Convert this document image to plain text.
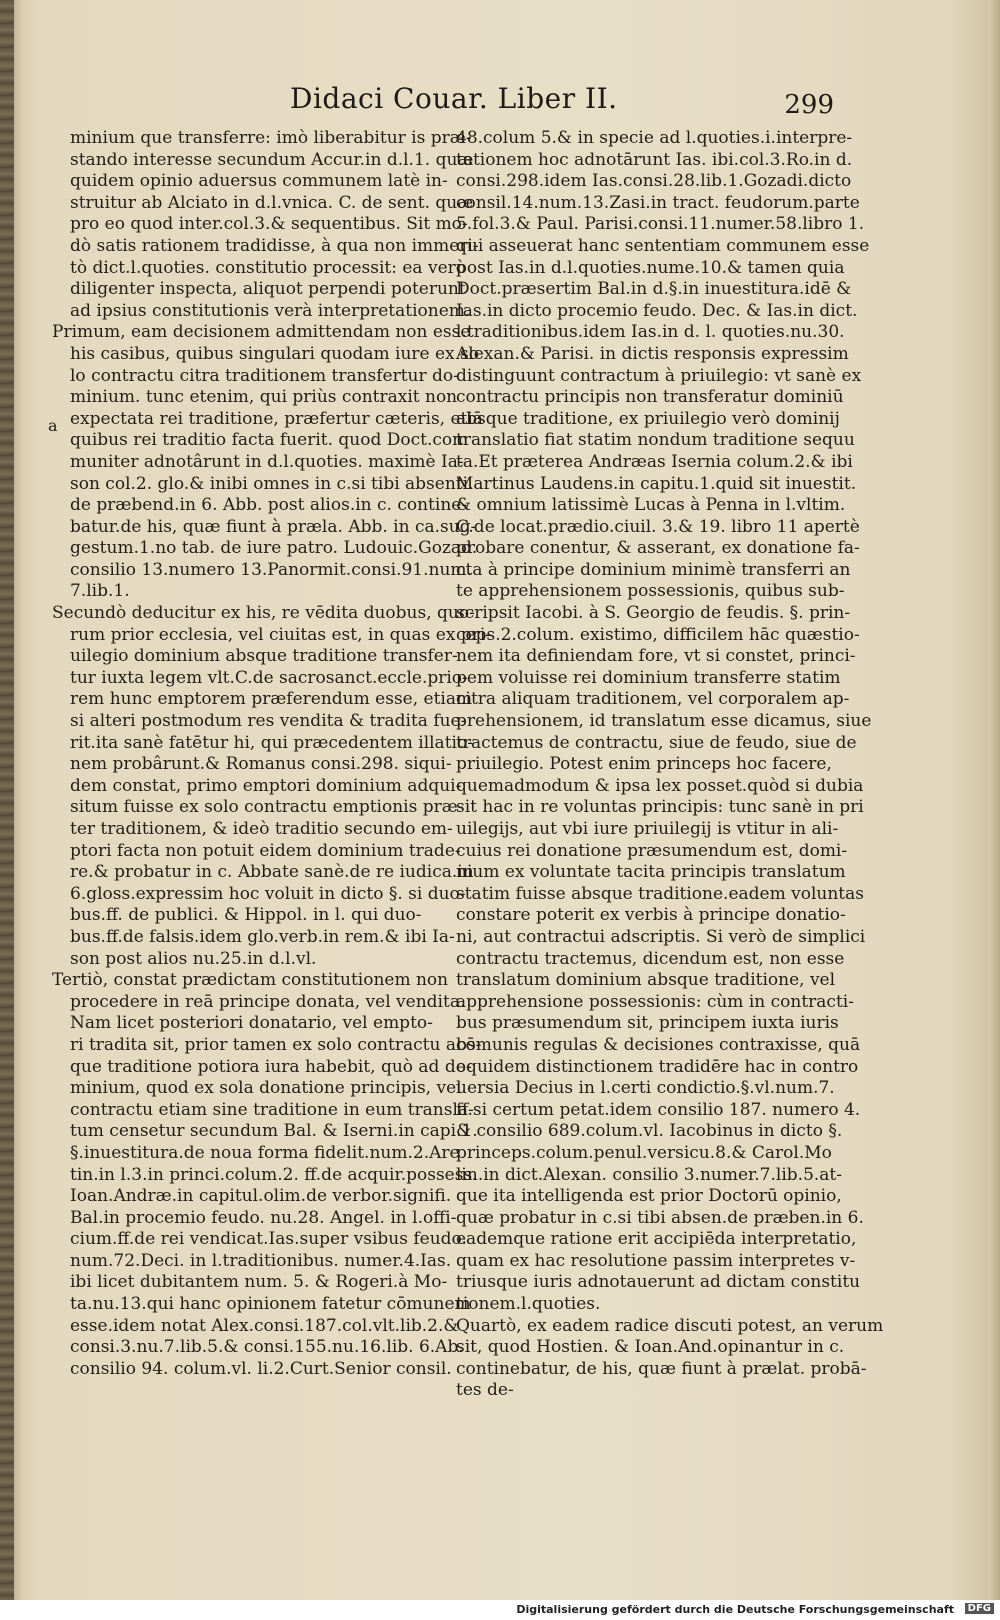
Didaci Couar. Liber II.	299
a
minium que transferre: imò liberabitur is præ-
stando interesse secundum Accur.in d.l.1. quæ
quidem opinio aduersus communem latè in-
struitur ab Alciato in d.l.vnica. C. de sent. quæ
pro eo quod inter.col.3.& sequentibus. Sit mo-
dò satis rationem tradidisse, à qua non immeri-
tò dict.l.quoties. constitutio processit: ea verò
diligenter inspecta, aliquot perpendi poterunt
ad ipsius constitutionis verà interpretationem.
Primum, eam decisionem admittendam non esse
his casibus, quibus singulari quodam iure ex so
lo contractu citra traditionem transfertur do-
minium. tunc etenim, qui priùs contraxit non
expectata rei traditione, præfertur cæteris, etiā
quibus rei traditio facta fuerit. quod Doct.com
muniter adnotârunt in d.l.quoties. maximè Ia-
son col.2. glo.& inibi omnes in c.si tibi absenti.
de præbend.in 6. Abb. post alios.in c. contine-
batur.de his, quæ fiunt à præla. Abb. in ca.sug-
gestum.1.no tab. de iure patro. Ludouic.Gozad.
consilio 13.numero 13.Panormit.consi.91.num.
7.lib.1.
Secundò deducitur ex his, re vēdita duobus, quo-
rum prior ecclesia, vel ciuitas est, in quas ex pri-
uilegio dominium absque traditione transfer-
tur iuxta legem vlt.C.de sacrosanct.eccle.prio-
rem hunc emptorem præferendum esse, etiam
si alteri postmodum res vendita & tradita fue-
rit.ita sanè fatētur hi, qui præcedentem illatio-
nem probârunt.& Romanus consi.298. siqui-
dem constat, primo emptori dominium adqui-
situm fuisse ex solo contractu emptionis præ-
ter traditionem, & ideò traditio secundo em-
ptori facta non potuit eidem dominium trade-
re.& probatur in c. Abbate sanè.de re iudica.in
6.gloss.expressim hoc voluit in dicto §. si duo-
bus.ff. de publici. & Hippol. in l. qui duo-
bus.ff.de falsis.idem glo.verb.in rem.& ibi Ia-
son post alios nu.25.in d.l.vl.
Tertiò, constat prædictam constitutionem non
procedere in reā principe donata, vel vendita.
Nam licet posteriori donatario, vel empto-
ri tradita sit, prior tamen ex solo contractu abs-
que traditione potiora iura habebit, quò ad do-
minium, quod ex sola donatione principis, vel
contractu etiam sine traditione in eum transla-
tum censetur secundum Bal. & Iserni.in capi.1.
§.inuestitura.de noua forma fidelit.num.2.Are
tin.in l.3.in princi.colum.2. ff.de acquir.possess.
Ioan.Andræ.in capitul.olim.de verbor.signifi.
Bal.in procemio feudo. nu.28. Angel. in l.offi-
cium.ff.de rei vendicat.Ias.super vsibus feudo.
num.72.Deci. in l.traditionibus. numer.4.Ias.
ibi licet dubitantem num. 5. & Rogeri.à Mo-
ta.nu.13.qui hanc opinionem fatetur cōmunem
esse.idem notat Alex.consi.187.col.vlt.lib.2.&
consi.3.nu.7.lib.5.& consi.155.nu.16.lib. 6.Ab.
consilio 94. colum.vl. li.2.Curt.Senior consil.
48.colum 5.& in specie ad l.quoties.i.interpre-
tationem hoc adnotārunt Ias. ibi.col.3.Ro.in d.
consi.298.idem Ias.consi.28.lib.1.Gozadi.dicto
consil.14.num.13.Zasi.in tract. feudorum.parte
5.fol.3.& Paul. Parisi.consi.11.numer.58.libro 1.
qui asseuerat hanc sententiam communem esse
post Ias.in d.l.quoties.nume.10.& tamen quia
Doct.præsertim Bal.in d.§.in inuestitura.idē &
Ias.in dicto procemio feudo. Dec. & Ias.in dict.
l.traditionibus.idem Ias.in d. l. quoties.nu.30.
Alexan.& Parisi. in dictis responsis expressim
distinguunt contractum à priuilegio: vt sanè ex
contractu principis non transferatur dominiū
absque traditione, ex priuilegio verò dominij
translatio fiat statim nondum traditione sequu
ta.Et præterea Andræas Isernia colum.2.& ibi
Martinus Laudens.in capitu.1.quid sit inuestit.
& omnium latissimè Lucas à Penna in l.vltim.
C.de locat.prædio.ciuil. 3.& 19. libro 11 apertè
probare conentur, & asserant, ex donatione fa-
cta à principe dominium minimè transferri an
te apprehensionem possessionis, quibus sub-
scripsit Iacobi. à S. Georgio de feudis. §. prin-
ceps.2.colum. existimo, difficilem hāc quæstio-
nem ita definiendam fore, vt si constet, princi-
pem voluisse rei dominium transferre statim
citra aliquam traditionem, vel corporalem ap-
prehensionem, id translatum esse dicamus, siue
tractemus de contractu, siue de feudo, siue de
priuilegio. Potest enim princeps hoc facere,
quemadmodum & ipsa lex posset.quòd si dubia
sit hac in re voluntas principis: tunc sanè in pri
uilegijs, aut vbi iure priuilegij is vtitur in ali-
cuius rei donatione præsumendum est, domi-
nium ex voluntate tacita principis translatum
statim fuisse absque traditione.eadem voluntas
constare poterit ex verbis à principe donatio-
ni, aut contractui adscriptis. Si verò de simplici
contractu tractemus, dicendum est, non esse
translatum dominium absque traditione, vel
apprehensione possessionis: cùm in contracti-
bus præsumendum sit, principem iuxta iuris
cōmunis regulas & decisiones contraxisse, quā
equidem distinctionem tradidēre hac in contro
uersia Decius in l.certi condictio.§.vl.num.7.
ff.si certum petat.idem consilio 187. numero 4.
& consilio 689.colum.vl. Iacobinus in dicto §.
princeps.colum.penul.versicu.8.& Carol.Mo
lin.in dict.Alexan. consilio 3.numer.7.lib.5.at-
que ita intelligenda est prior Doctorū opinio,
quæ probatur in c.si tibi absen.de præben.in 6.
eademque ratione erit accipiēda interpretatio,
quam ex hac resolutione passim interpretes v-
triusque iuris adnotauerunt ad dictam constitu
tionem.l.quoties.
Quartò, ex eadem radice discuti potest, an verum
sit, quod Hostien. & Ioan.And.opinantur in c.
continebatur, de his, quæ fiunt à prælat. probā-
tes de-
Digitalisierung gefördert durch die Deutsche Forschungsgemeinschaft	DFG
